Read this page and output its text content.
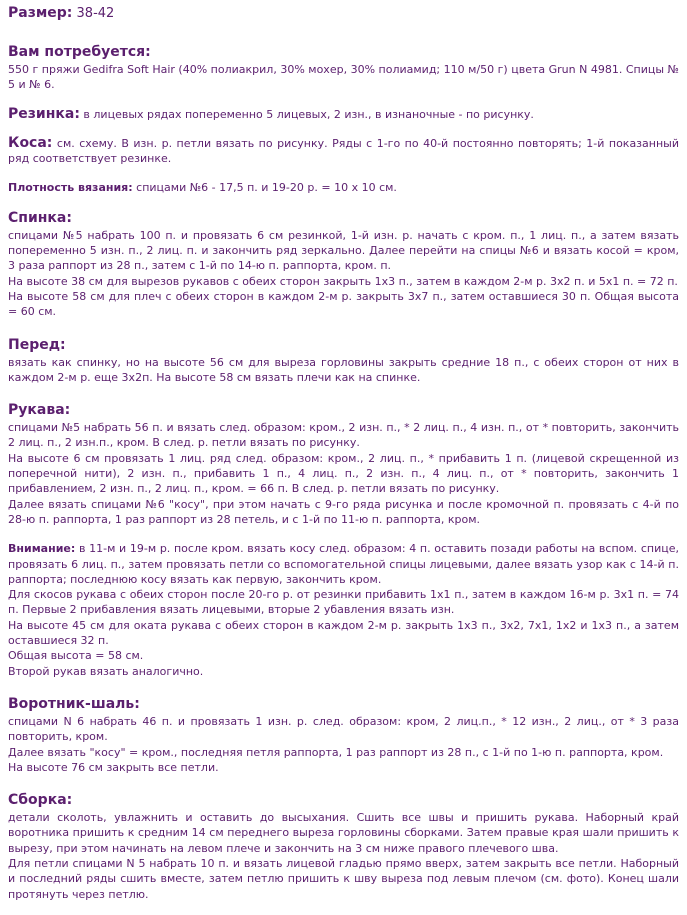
Размер: 38-42
Вам потребуется:

550 г пряжи Gedifra Soft Hair (40% полиакрил, 30% мохер, 30% полиамид; 110 м/50 г) цвета Grun N 4981. Спицы № 5 и № 6.

Резинка: в лицевых рядах попеременно 5 лицевых, 2 изн., в изнаночные - по рисунку.

Коса: см. схему. В изн. р. петли вязать по рисунку. Ряды с 1-го по 40-й постоянно повторять; 1-й показанный ряд соответствует резинке.

Плотность вязания: спицами №6 - 17,5 п. и 19-20 р. = 10 х 10 см.

Спинка:

спицами №5 набрать 100 п. и провязать 6 см резинкой, 1-й изн. р. начать с кром. п., 1 лиц. п., а затем вязать попеременно 5 изн. п., 2 лиц. п. и закончить ряд зеркально. Далее перейти на спицы №6 и вязать косой = кром, 3 раза раппорт из 28 п., затем с 1-й по 14-ю п. раппорта, кром. п.

На высоте 38 см для вырезов рукавов с обеих сторон закрыть 1х3 п., затем в каждом 2-м р. 3х2 п. и 5х1 п. = 72 п.

На высоте 58 см для плеч с обеих сторон в каждом 2-м р. закрыть 3х7 п., затем оставшиеся 30 п. Общая высота = 60 см.

Перед:

вязать как спинку, но на высоте 56 см для выреза горловины закрыть средние 18 п., с обеих сторон от них в каждом 2-м р. еще 3х2п. На высоте 58 см вязать плечи как на спинке.

Рукава:

спицами №5 набрать 56 п. и вязать след. образом: кром., 2 изн. п., * 2 лиц. п., 4 изн. п., от * повторить, закончить 2 лиц. п., 2 изн.п., кром. В след. р. петли вязать по рисунку.

На высоте 6 см провязать 1 лиц. ряд след. образом: кром., 2 лиц. п., * прибавить 1 п. (лицевой скрещенной из поперечной нити), 2 изн. п., прибавить 1 п., 4 лиц. п., 2 изн. п., 4 лиц. п., от * повторить, закончить 1 прибавлением, 2 изн. п., 2 лиц. п., кром. = 66 п. В след. р. петли вязать по рисунку.

Далее вязать спицами №6 "косу", при этом начать с 9-го ряда рисунка и после кромочной п. провязать с 4-й по 28-ю п. раппорта, 1 раз раппорт из 28 петель, и с 1-й по 11-ю п. раппорта, кром.

Внимание: в 11-м и 19-м р. после кром. вязать косу след. образом: 4 п. оставить позади работы на вспом. спице, провязать 6 лиц. п., затем провязать петли со вспомогательной спицы лицевыми, далее вязать узор как с 14-й п. раппорта; последнюю косу вязать как первую, закончить кром.

Для скосов рукава с обеих сторон после 20-го р. от резинки прибавить 1х1 п., затем в каждом 16-м р. 3х1 п. = 74 п. Первые 2 прибавления вязать лицевыми, вторые 2 убавления вязать изн.

На высоте 45 см для оката рукава с обеих сторон в каждом 2-м р. закрыть 1х3 п., 3х2, 7х1, 1х2 и 1х3 п., а затем оставшиеся 32 п.

Общая высота = 58 см.

Второй рукав вязать аналогично.

Воротник-шаль:

спицами N 6 набрать 46 п. и провязать 1 изн. р. след. образом: кром, 2 лиц.п., * 12 изн., 2 лиц., от * 3 раза повторить, кром.

Далее вязать "косу" = кром., последняя петля раппорта, 1 раз раппорт из 28 п., с 1-й по 1-ю п. раппорта, кром.

На высоте 76 см закрыть все петли.

Сборка:

детали сколоть, увлажнить и оставить до высыхания. Сшить все швы и пришить рукава. Наборный край воротника пришить к средним 14 см переднего выреза горловины сборками. Затем правые края шали пришить к вырезу, при этом начинать на левом плече и закончить на 3 см ниже правого плечевого шва.

Для петли спицами N 5 набрать 10 п. и вязать лицевой гладью прямо вверх, затем закрыть все петли. Наборный и последний ряды сшить вместе, затем петлю пришить к шву выреза под левым плечом (см. фото). Конец шали протянуть через петлю.
